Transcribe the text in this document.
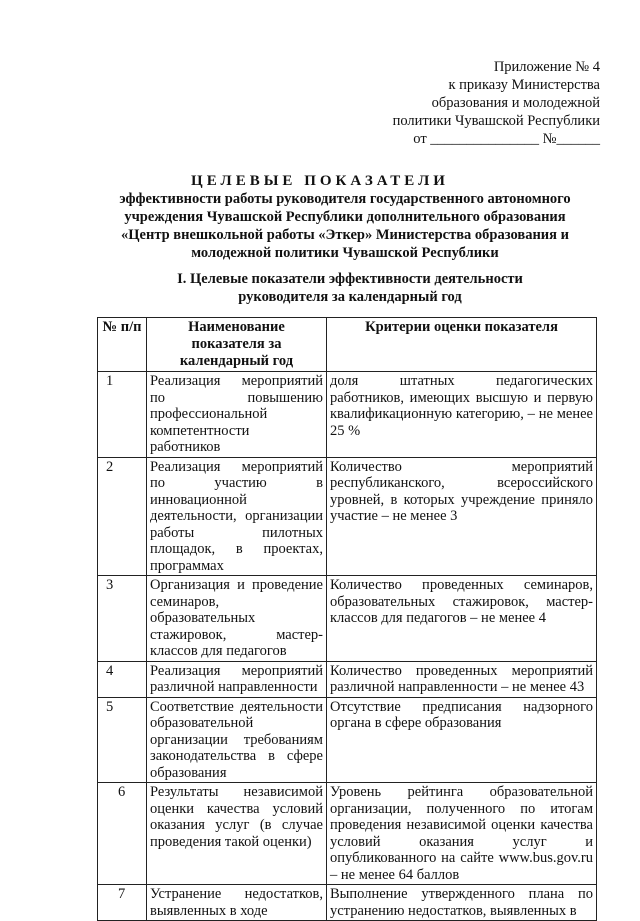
Приложение № 4
к приказу Министерства
образования и молодежной
политики Чувашской Республики
от _______________ №______
ЦЕЛЕВЫЕ ПОКАЗАТЕЛИ
эффективности работы руководителя государственного автономного учреждения Чувашской Республики дополнительного образования «Центр внешкольной работы «Эткер» Министерства образования и молодежной политики Чувашской Республики
I. Целевые показатели эффективности деятельности руководителя за календарный год
№ п/п	Наименование показателя за календарный год	Критерии оценки показателя
1	Реализация мероприятий по повышению профессиональной компетентности работников	доля штатных педагогических работников, имеющих высшую и первую квалификационную категорию, – не менее 25 %
2	Реализация мероприятий по участию в инновационной деятельности, организации работы пилотных площадок, в проектах, программах	Количество мероприятий республиканского, всероссийского уровней, в которых учреждение приняло участие – не менее 3
3	Организация и проведение семинаров, образовательных стажировок, мастер-классов для педагогов	Количество проведенных семинаров, образовательных стажировок, мастер-классов для педагогов – не менее 4
4	Реализация мероприятий различной направленности	Количество проведенных мероприятий различной направленности – не менее 43
5	Соответствие деятельности образовательной организации требованиям законодательства в сфере образования	Отсутствие предписания надзорного органа в сфере образования
6	Результаты независимой оценки качества условий оказания услуг (в случае проведения такой оценки)	Уровень рейтинга образовательной организации, полученного по итогам проведения независимой оценки качества условий оказания услуг и опубликованного на сайте www.bus.gov.ru – не менее 64 баллов
7	Устранение недостатков, выявленных в ходе	Выполнение утвержденного плана по устранению недостатков, выявленных в
